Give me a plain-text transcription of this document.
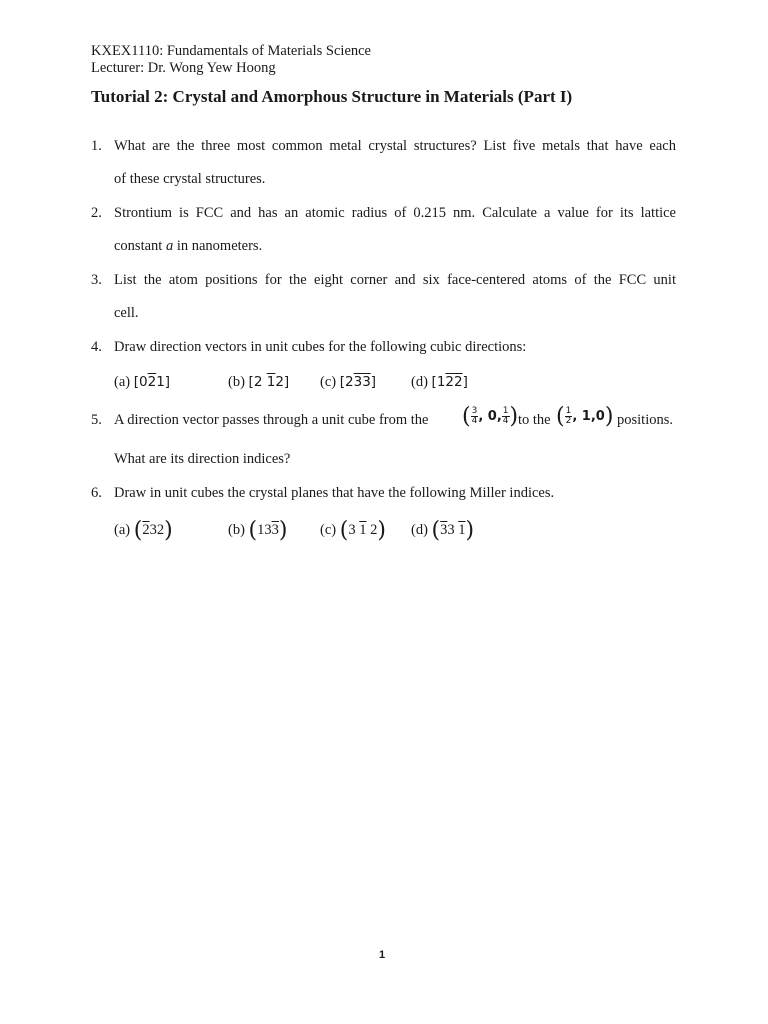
KXEX1110: Fundamentals of Materials Science
Lecturer: Dr. Wong Yew Hoong
Tutorial 2: Crystal and Amorphous Structure in Materials (Part I)
1. What are the three most common metal crystal structures? List five metals that have each
of these crystal structures.
2. Strontium is FCC and has an atomic radius of 0.215 nm. Calculate a value for its lattice
constant a in nanometers.
3. List the atom positions for the eight corner and six face-centered atoms of the FCC unit
cell.
4. Draw direction vectors in unit cubes for the following cubic directions:
(a) [021]	(b) [2 12] (c) [233] (d) [122]
5. A direction vector passes through a unit cube from the ( $\frac{3}{4}$ , 0, $\frac{1}{4}$ ) to the ( $\frac{1}{2}$ , 1,0) positions.
What are its direction indices?
6. Draw in unit cubes the crystal planes that have the following Miller indices.
(a) (232)	(b) (133) (c) (3 1 2) (d) (33 1)
1
